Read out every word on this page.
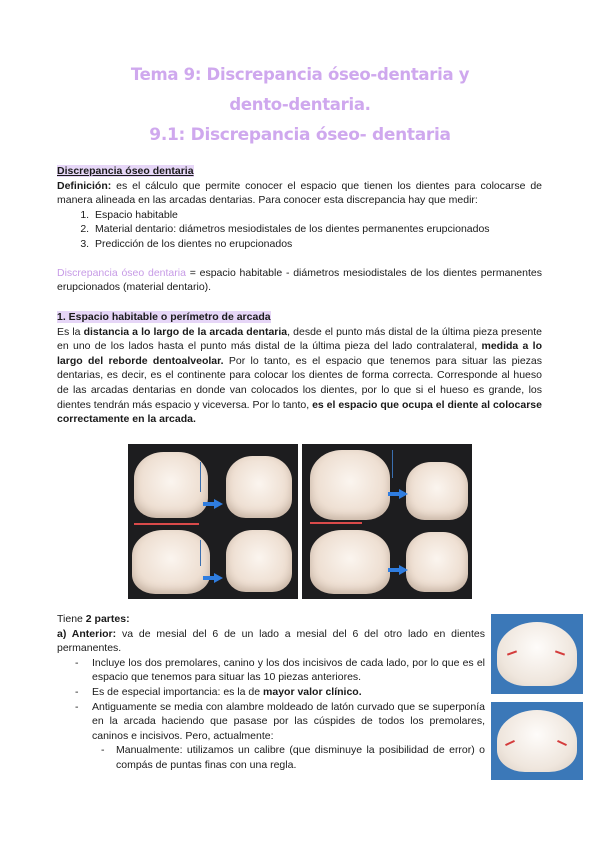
Tema 9: Discrepancia óseo-dentaria y
dento-dentaria.
9.1: Discrepancia óseo- dentaria

Discrepancia óseo dentaria

Definición: es el cálculo que permite conocer el espacio que tienen los dientes para colocarse de manera alineada en las arcadas dentarias. Para conocer esta discrepancia hay que medir:

1. Espacio habitable
2. Material dentario: diámetros mesiodistales de los dientes permanentes erupcionados
3. Predicción de los dientes no erupcionados

Discrepancia óseo dentaria = espacio habitable - diámetros mesiodistales de los dientes permanentes erupcionados (material dentario).

1. Espacio habitable o perímetro de arcada

Es la distancia a lo largo de la arcada dentaria, desde el punto más distal de la última pieza presente en uno de los lados hasta el punto más distal de la última pieza del lado contralateral, medida a lo largo del reborde dentoalveolar. Por lo tanto, es el espacio que tenemos para situar las piezas dentarias, es decir, es el continente para colocar los dientes de forma correcta. Corresponde al hueso de las arcadas dentarias en donde van colocados los dientes, por lo que si el hueso es grande, los dientes tendrán más espacio y viceversa. Por lo tanto, es el espacio que ocupa el diente al colocarse correctamente en la arcada.

Tiene 2 partes:

a) Anterior: va de mesial del 6 de un lado a mesial del 6 del otro lado en dientes permanentes.

- Incluye los dos premolares, canino y los dos incisivos de cada lado, por lo que es el espacio que tenemos para situar las 10 piezas anteriores.
- Es de especial importancia: es la de mayor valor clínico.
- Antiguamente se media con alambre moldeado de latón curvado que se superponía en la arcada haciendo que pasase por las cúspides de todos los premolares, caninos e incisivos. Pero, actualmente:
- Manualmente: utilizamos un calibre (que disminuye la posibilidad de error) o compás de puntas finas con una regla.
